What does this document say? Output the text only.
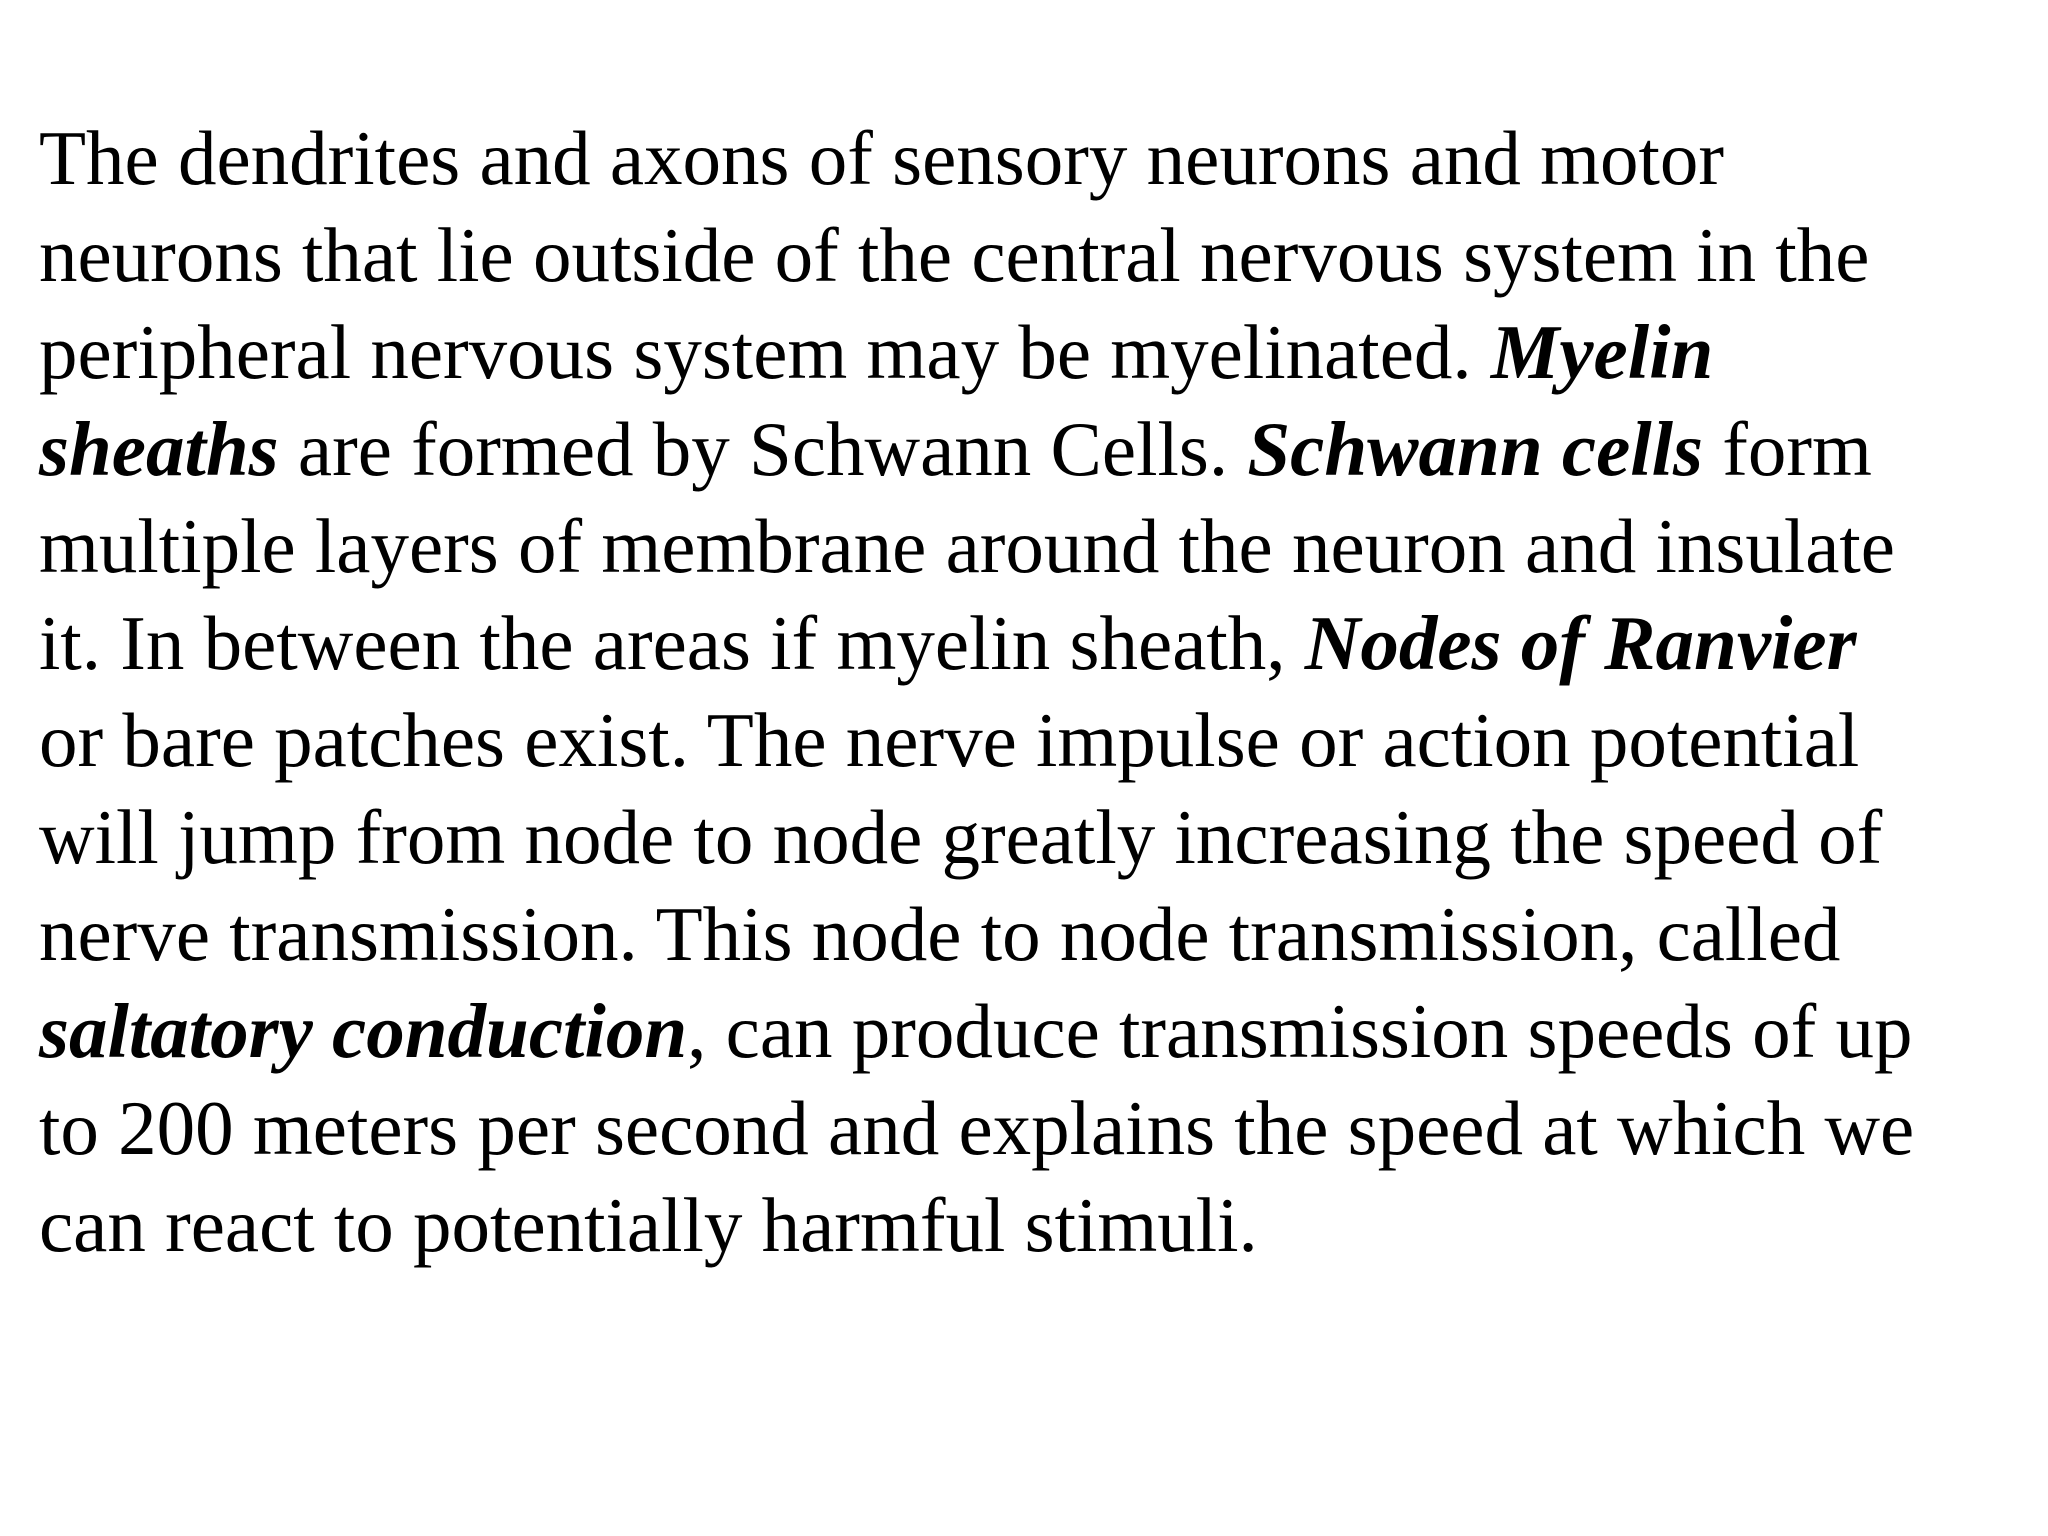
The dendrites and axons of sensory neurons and motor
neurons that lie outside of the central nervous system in the
peripheral nervous system may be myelinated. Myelin
sheaths are formed by Schwann Cells. Schwann cells form
multiple layers of membrane around the neuron and insulate
it. In between the areas if myelin sheath, Nodes of Ranvier
or bare patches exist. The nerve impulse or action potential
will jump from node to node greatly increasing the speed of
nerve transmission. This node to node transmission, called
saltatory conduction, can produce transmission speeds of up
to 200 meters per second and explains the speed at which we
can react to potentially harmful stimuli.
